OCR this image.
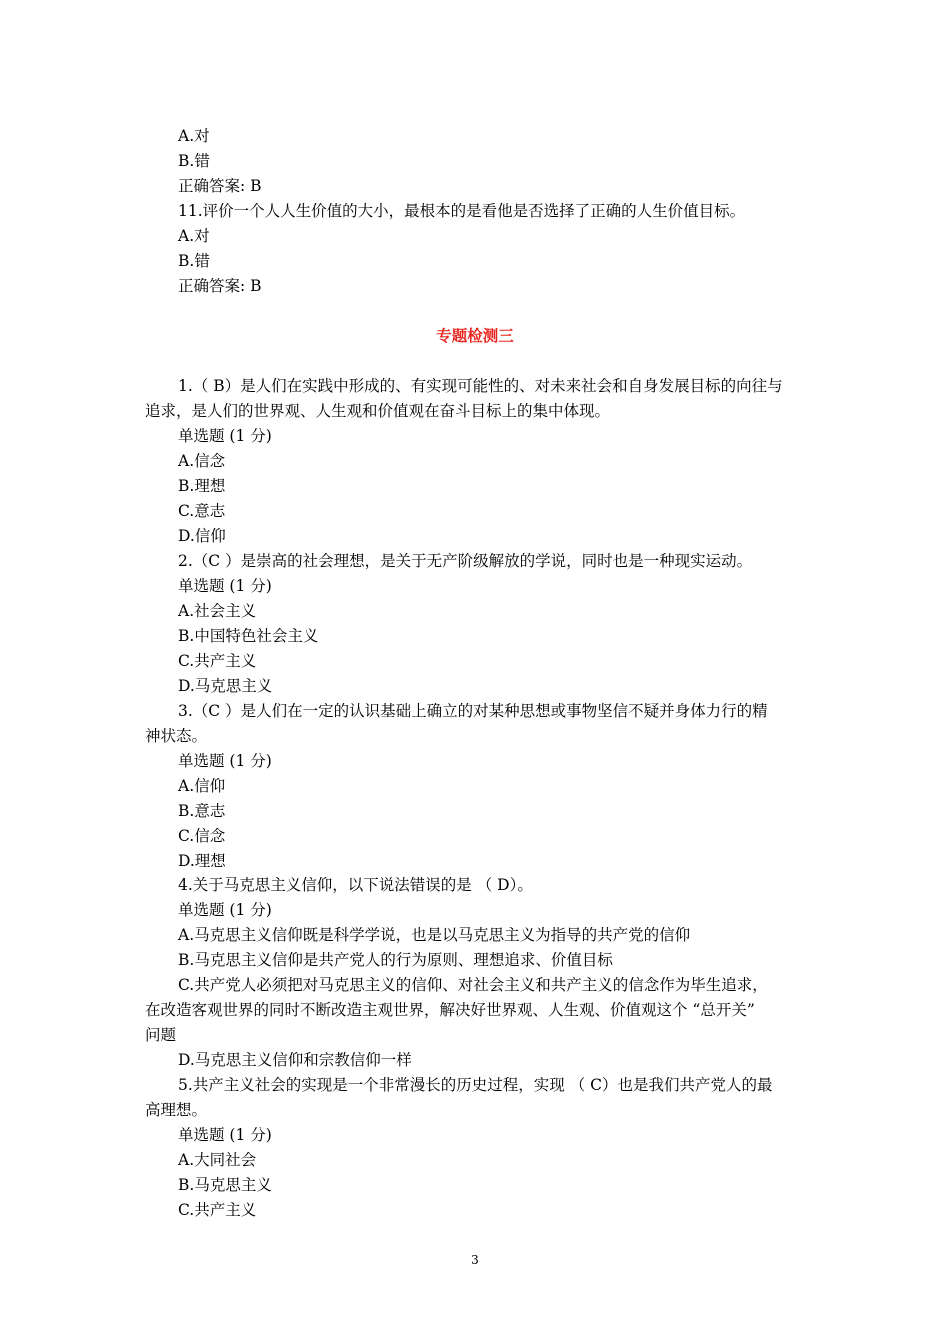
A.对
B.错
正确答案: B
11.评价一个人人生价值的大小，最根本的是看他是否选择了正确的人生价值目标。
A.对
B.错
正确答案: B
专题检测三
1.（ B）是人们在实践中形成的、有实现可能性的、对未来社会和自身发展目标的向往与
追求，是人们的世界观、人生观和价值观在奋斗目标上的集中体现。
单选题 (1 分)
A.信念
B.理想
C.意志
D.信仰
2.（C ）是崇高的社会理想，是关于无产阶级解放的学说，同时也是一种现实运动。
单选题 (1 分)
A.社会主义
B.中国特色社会主义
C.共产主义
D.马克思主义
3.（C ）是人们在一定的认识基础上确立的对某种思想或事物坚信不疑并身体力行的精
神状态。
单选题 (1 分)
A.信仰
B.意志
C.信念
D.理想
4.关于马克思主义信仰，以下说法错误的是 （ D）。
单选题 (1 分)
A.马克思主义信仰既是科学学说，也是以马克思主义为指导的共产党的信仰
B.马克思主义信仰是共产党人的行为原则、理想追求、价值目标
C.共产党人必须把对马克思主义的信仰、对社会主义和共产主义的信念作为毕生追求，
在改造客观世界的同时不断改造主观世界，解决好世界观、人生观、价值观这个 “总开关”
问题
D.马克思主义信仰和宗教信仰一样
5.共产主义社会的实现是一个非常漫长的历史过程，实现 （ C）也是我们共产党人的最
高理想。
单选题 (1 分)
A.大同社会
B.马克思主义
C.共产主义
3
